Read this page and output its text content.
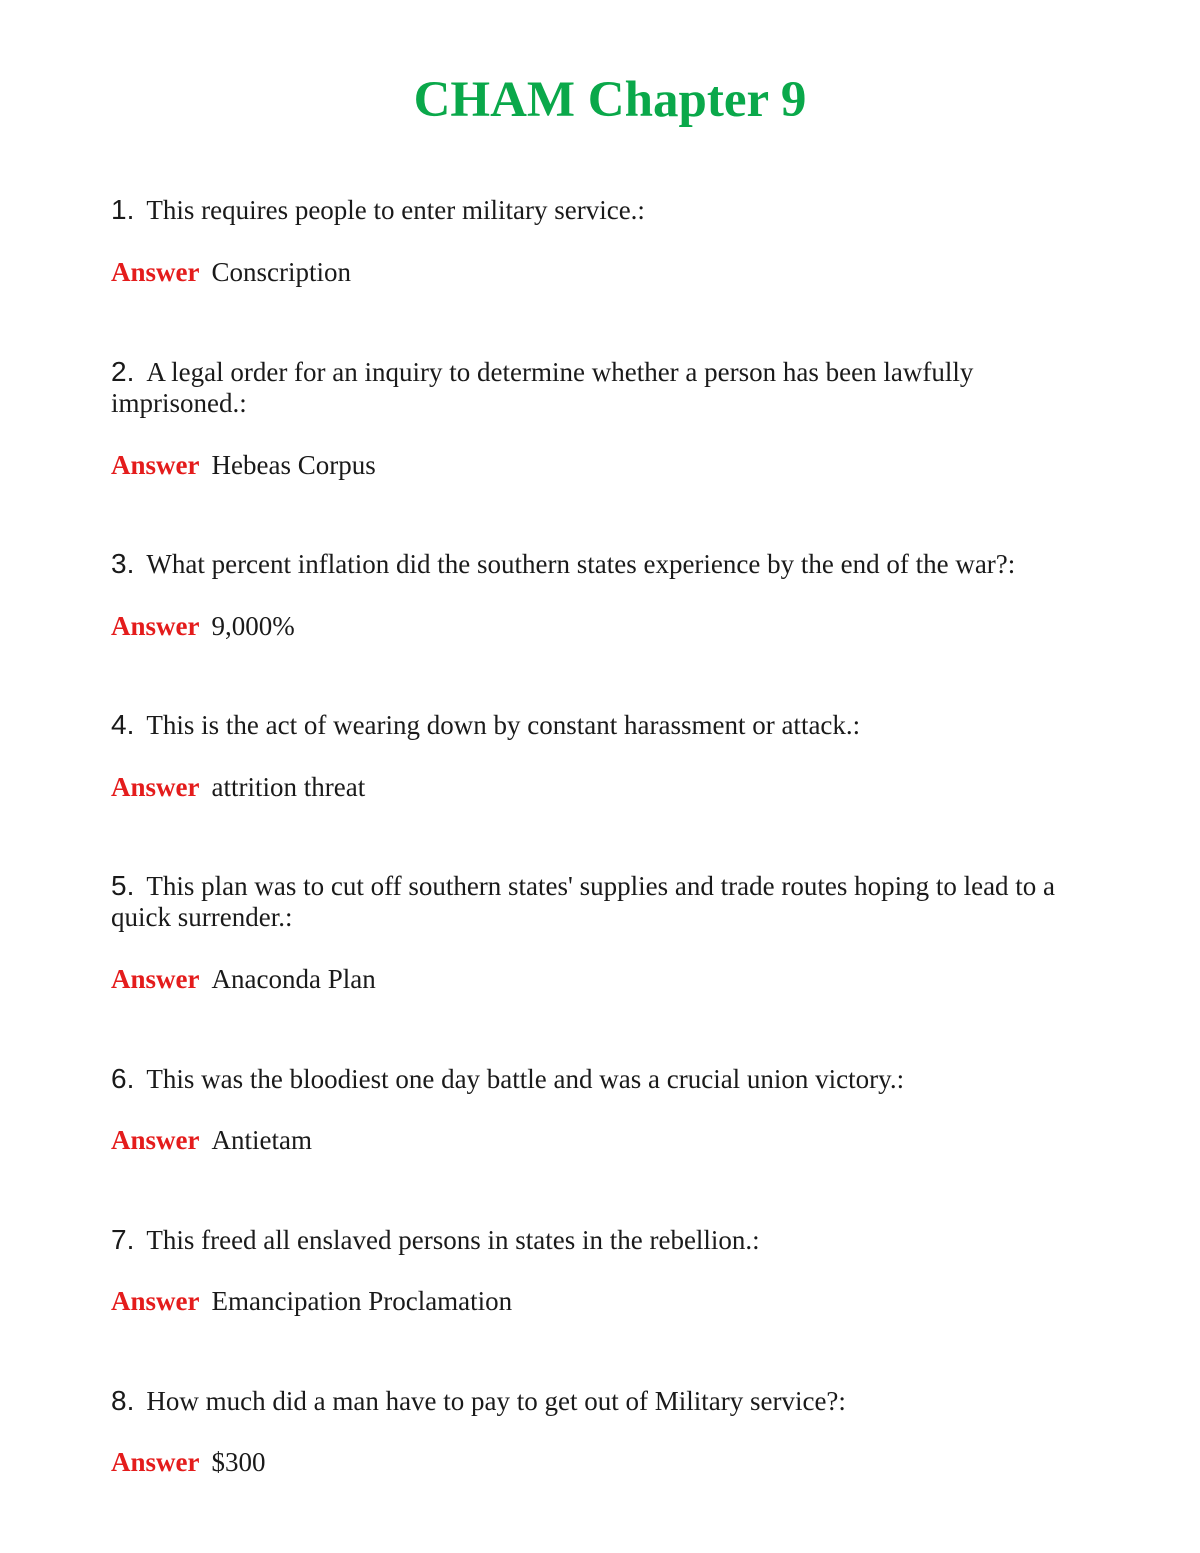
CHAM Chapter 9

1. This requires people to enter military service.:

Answer Conscription

2. A legal order for an inquiry to determine whether a person has been lawfully imprisoned.:

Answer Hebeas Corpus

3. What percent inflation did the southern states experience by the end of the war?:

Answer 9,000%

4. This is the act of wearing down by constant harassment or attack.:

Answer attrition threat

5. This plan was to cut off southern states' supplies and trade routes hoping to lead to a quick surrender.:

Answer Anaconda Plan

6. This was the bloodiest one day battle and was a crucial union victory.:

Answer Antietam

7. This freed all enslaved persons in states in the rebellion.:

Answer Emancipation Proclamation

8. How much did a man have to pay to get out of Military service?:

Answer $300
